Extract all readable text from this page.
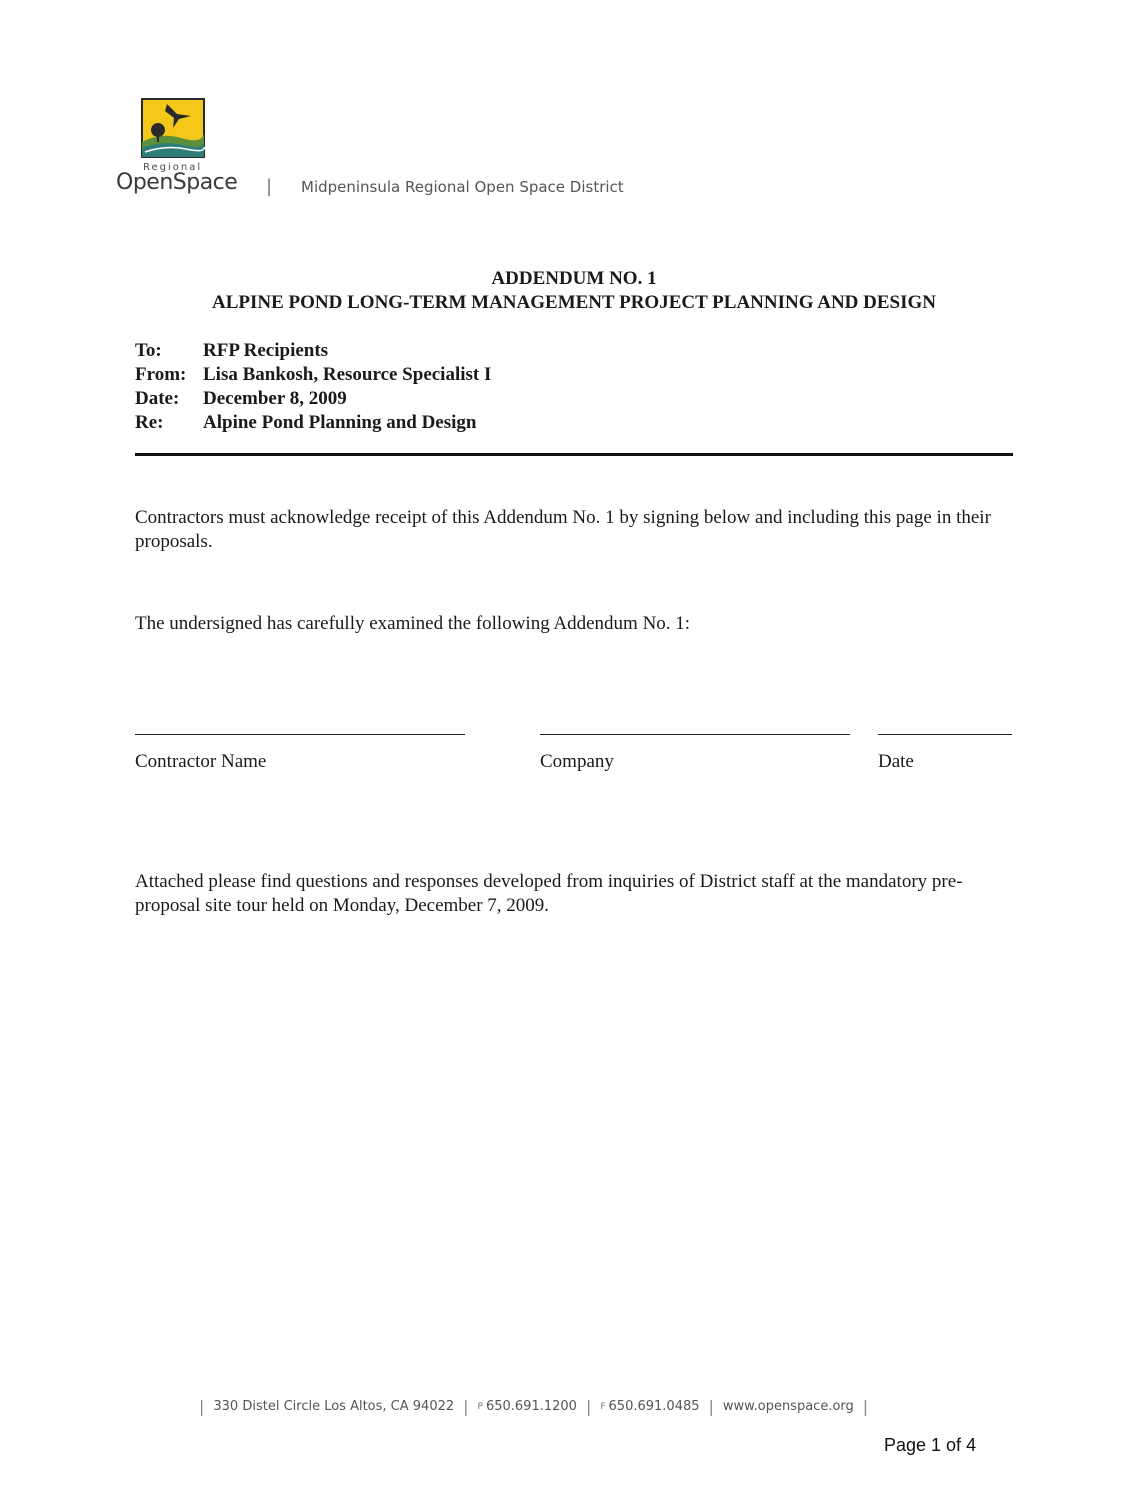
Regional
OpenSpace | Midpeninsula Regional Open Space District
ADDENDUM NO. 1
ALPINE POND LONG-TERM MANAGEMENT PROJECT PLANNING AND DESIGN
To:	RFP Recipients
From: Lisa Bankosh, Resource Specialist I
Date:	December 8, 2009
Re:	Alpine Pond Planning and Design
Contractors must acknowledge receipt of this Addendum No. 1 by signing below and including this page in their proposals.
The undersigned has carefully examined the following Addendum No. 1:
Contractor Name	Company	Date
Attached please find questions and responses developed from inquiries of District staff at the mandatory pre-proposal site tour held on Monday, December 7, 2009.
| 330 Distel Circle Los Altos, CA 94022 | P 650.691.1200 | F 650.691.0485 | www.openspace.org |
Page 1 of 4
